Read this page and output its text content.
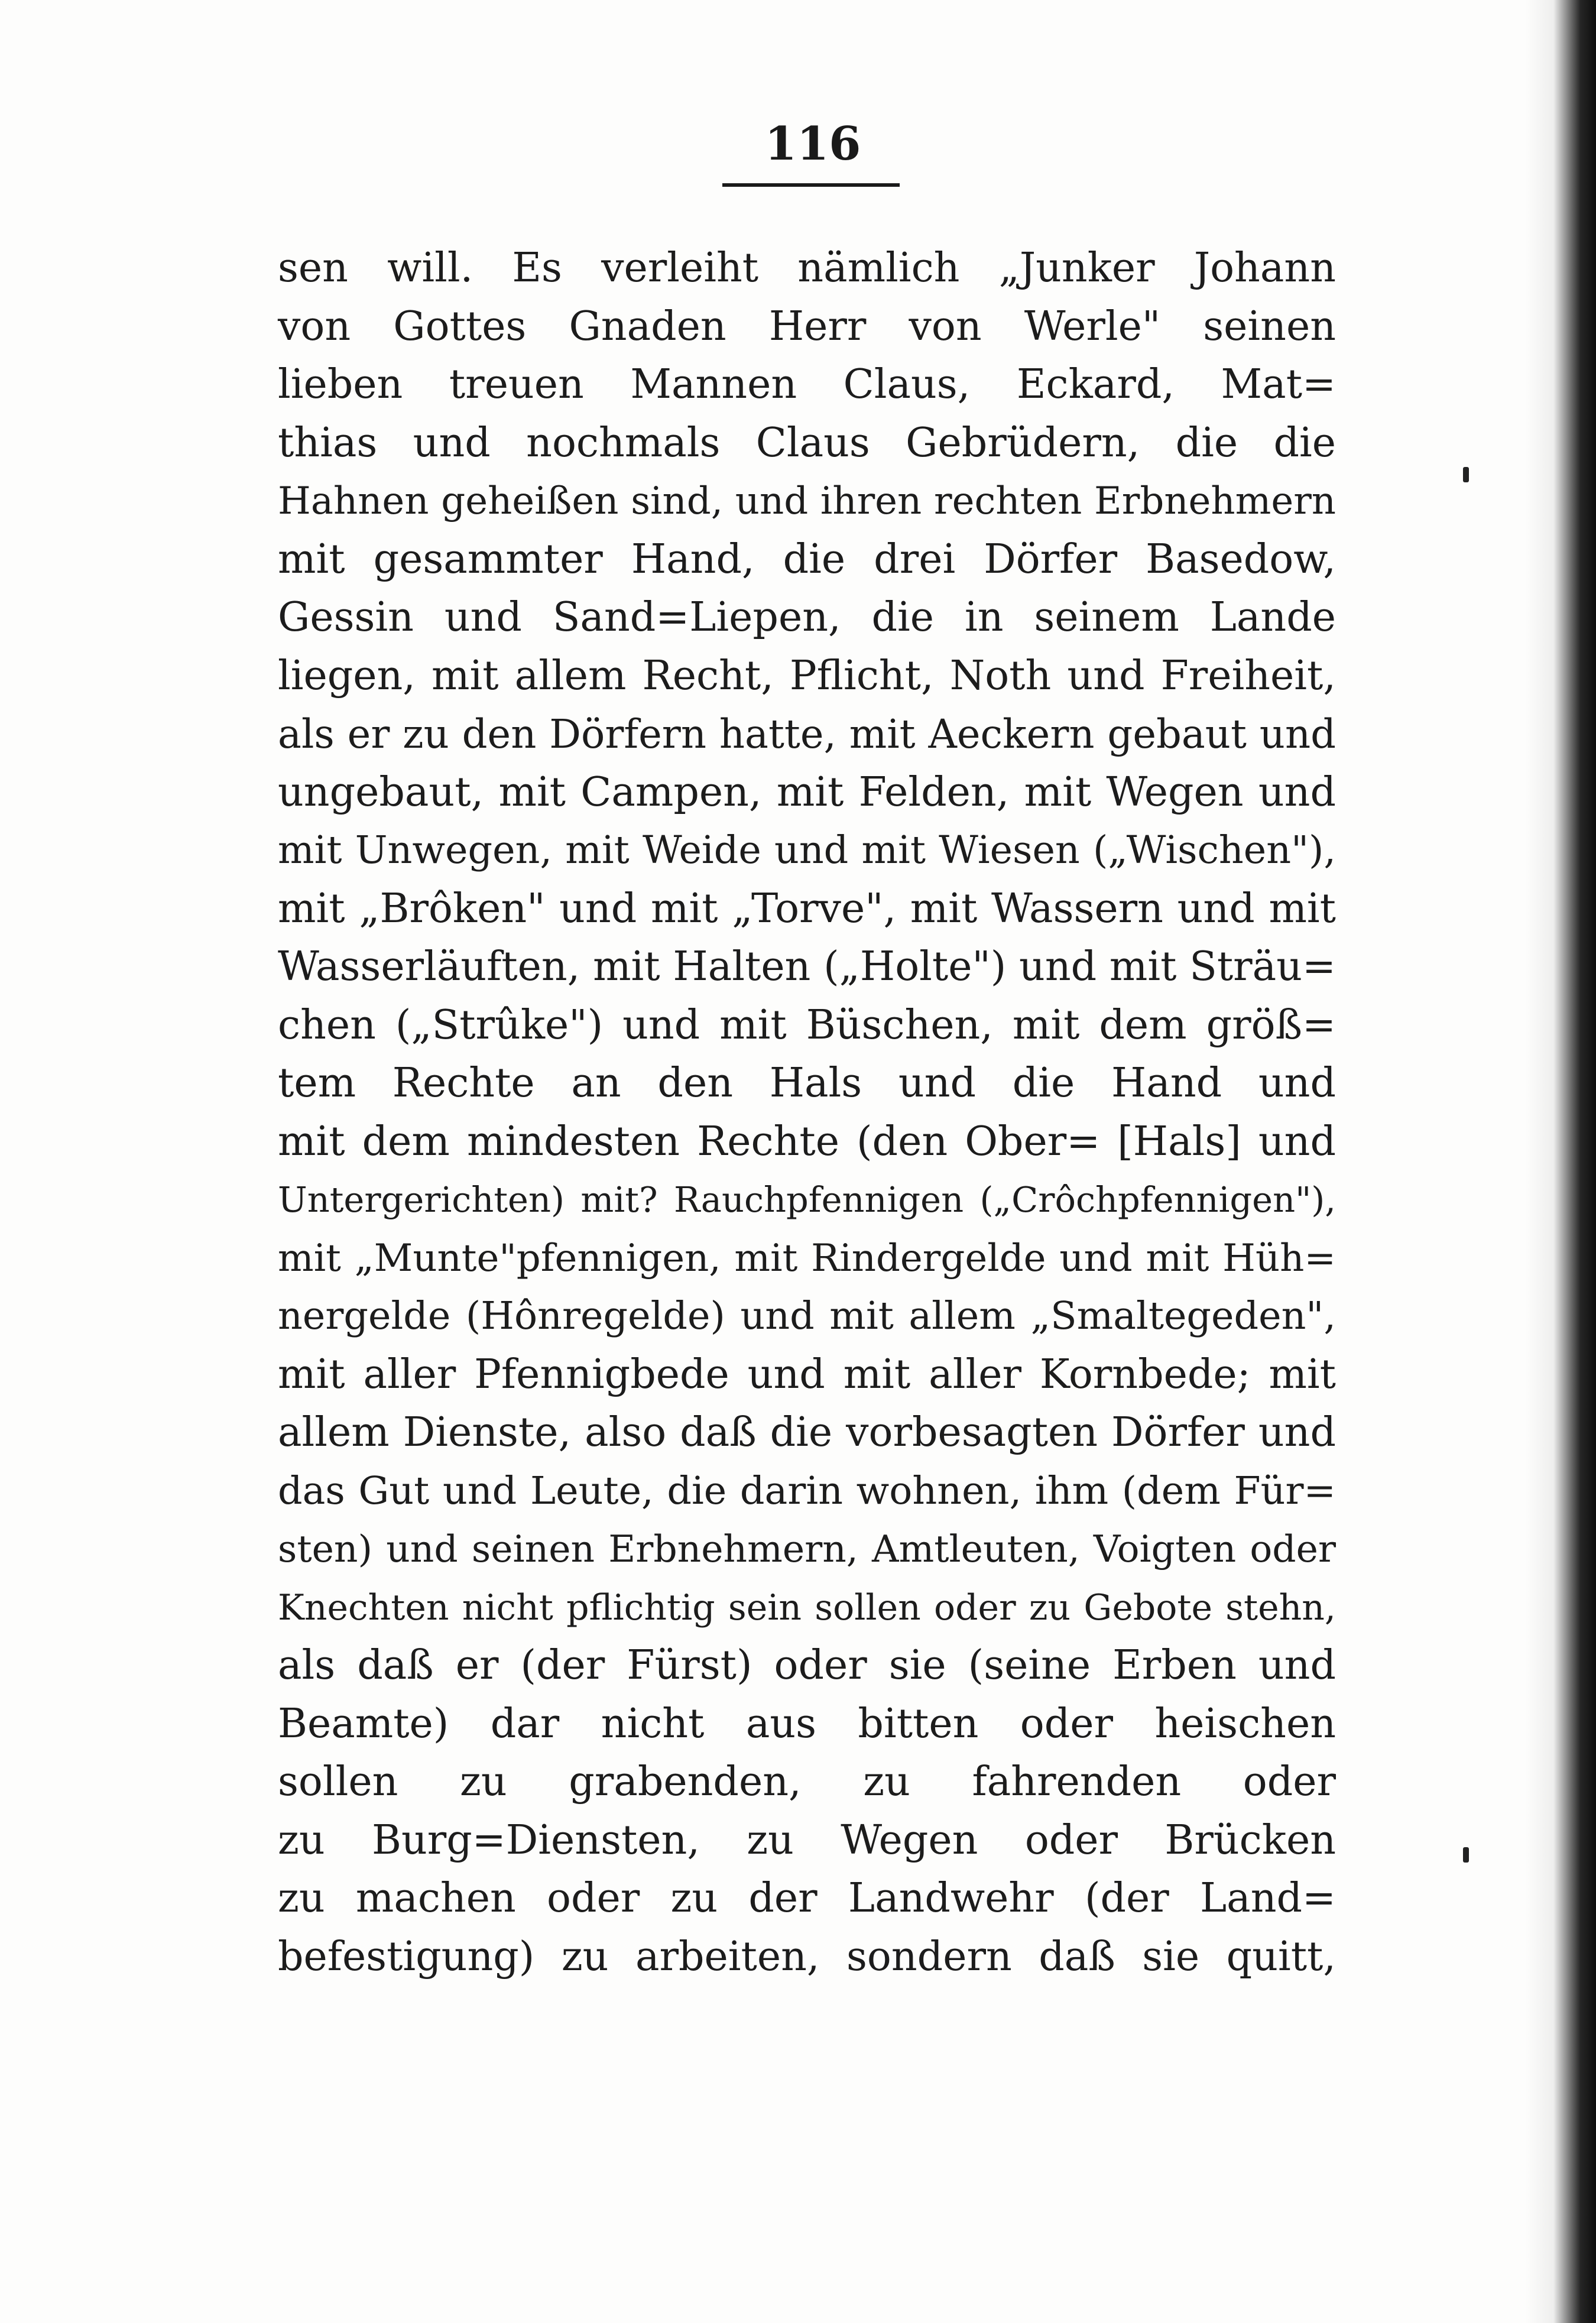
116
sen will. Es verleiht nämlich „Junker Johann
von Gottes Gnaden Herr von Werle" seinen
lieben treuen Mannen Claus, Eckard, Mat=
thias und nochmals Claus Gebrüdern, die die
Hahnen geheißen sind, und ihren rechten Erbnehmern
mit gesammter Hand, die drei Dörfer Basedow,
Gessin und Sand=Liepen, die in seinem Lande
liegen, mit allem Recht, Pflicht, Noth und Freiheit,
als er zu den Dörfern hatte, mit Aeckern gebaut und
ungebaut, mit Campen, mit Felden, mit Wegen und
mit Unwegen, mit Weide und mit Wiesen („Wischen"),
mit „Brôken" und mit „Torve", mit Wassern und mit
Wasserläuften, mit Halten („Holte") und mit Sträu=
chen („Strûke") und mit Büschen, mit dem größ=
tem Rechte an den Hals und die Hand und
mit dem mindesten Rechte (den Ober= [Hals] und
Untergerichten) mit? Rauchpfennigen („Crôchpfennigen"),
mit „Munte"pfennigen, mit Rindergelde und mit Hüh=
nergelde (Hônregelde) und mit allem „Smaltegeden",
mit aller Pfennigbede und mit aller Kornbede; mit
allem Dienste, also daß die vorbesagten Dörfer und
das Gut und Leute, die darin wohnen, ihm (dem Für=
sten) und seinen Erbnehmern, Amtleuten, Voigten oder
Knechten nicht pflichtig sein sollen oder zu Gebote stehn,
als daß er (der Fürst) oder sie (seine Erben und
Beamte) dar nicht aus bitten oder heischen
sollen zu grabenden, zu fahrenden oder
zu Burg=Diensten, zu Wegen oder Brücken
zu machen oder zu der Landwehr (der Land=
befestigung) zu arbeiten, sondern daß sie quitt,
